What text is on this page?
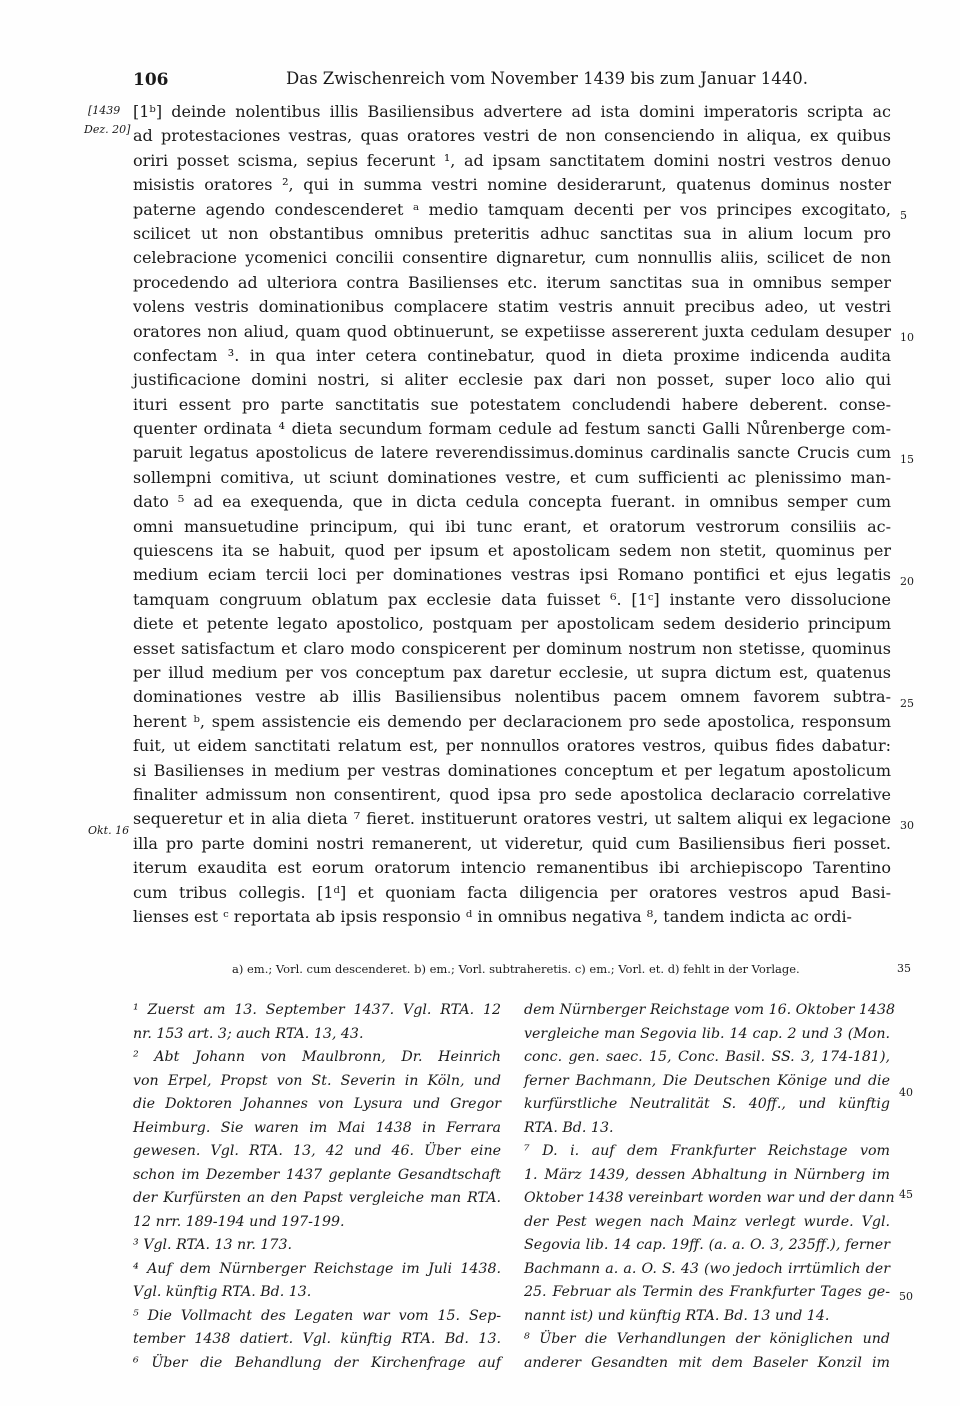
106	Das Zwischenreich vom November 1439 bis zum Januar 1440.
[1439
Dez. 20]
Okt. 16
[1ᵇ] deinde nolentibus illis Basiliensibus advertere ad ista domini imperatoris scripta ac
ad protestaciones vestras, quas oratores vestri de non consenciendo in aliqua, ex quibus
oriri posset scisma, sepius fecerunt ¹, ad ipsam sanctitatem domini nostri vestros denuo
misistis oratores ², qui in summa vestri nomine desiderarunt, quatenus dominus noster
paterne agendo condescenderet ᵃ medio tamquam decenti per vos principes excogitato,
scilicet ut non obstantibus omnibus preteritis adhuc sanctitas sua in alium locum pro
celebracione ycomenici concilii consentire dignaretur, cum nonnullis aliis, scilicet de non
procedendo ad ulteriora contra Basilienses etc. iterum sanctitas sua in omnibus semper
volens vestris dominationibus complacere statim vestris annuit precibus adeo, ut vestri
oratores non aliud, quam quod obtinuerunt, se expetiisse assererent juxta cedulam desuper
confectam ³. in qua inter cetera continebatur, quod in dieta proxime indicenda audita
justificacione domini nostri, si aliter ecclesie pax dari non posset, super loco alio qui
ituri essent pro parte sanctitatis sue potestatem concludendi habere deberent. conse-
quenter ordinata ⁴ dieta secundum formam cedule ad festum sancti Galli Nůrenberge com-
paruit legatus apostolicus de latere reverendissimus.dominus cardinalis sancte Crucis cum
sollempni comitiva, ut sciunt dominationes vestre, et cum sufficienti ac plenissimo man-
dato ⁵ ad ea exequenda, que in dicta cedula concepta fuerant. in omnibus semper cum
omni mansuetudine principum, qui ibi tunc erant, et oratorum vestrorum consiliis ac-
quiescens ita se habuit, quod per ipsum et apostolicam sedem non stetit, quominus per
medium eciam tercii loci per dominationes vestras ipsi Romano pontifici et ejus legatis
tamquam congruum oblatum pax ecclesie data fuisset ⁶. [1ᶜ] instante vero dissolucione
diete et petente legato apostolico, postquam per apostolicam sedem desiderio principum
esset satisfactum et claro modo conspicerent per dominum nostrum non stetisse, quominus
per illud medium per vos conceptum pax daretur ecclesie, ut supra dictum est, quatenus
dominationes vestre ab illis Basiliensibus nolentibus pacem omnem favorem subtra-
herent ᵇ, spem assistencie eis demendo per declaracionem pro sede apostolica, responsum
fuit, ut eidem sanctitati relatum est, per nonnullos oratores vestros, quibus fides dabatur:
si Basilienses in medium per vestras dominationes conceptum et per legatum apostolicum
finaliter admissum non consentirent, quod ipsa pro sede apostolica declaracio correlative
sequeretur et in alia dieta ⁷ fieret. instituerunt oratores vestri, ut saltem aliqui ex legacione
illa pro parte domini nostri remanerent, ut videretur, quid cum Basiliensibus fieri posset.
iterum exaudita est eorum oratorum intencio remanentibus ibi archiepiscopo Tarentino
cum tribus collegis. [1ᵈ] et quoniam facta diligencia per oratores vestros apud Basi-
lienses est ᶜ reportata ab ipsis responsio ᵈ in omnibus negativa ⁸, tandem indicta ac ordi-
5
10
15
20
25
30
a) em.; Vorl. cum descenderet. b) em.; Vorl. subtraheretis. c) em.; Vorl. et. d) fehlt in der Vorlage.	35
¹ Zuerst am 13. September 1437. Vgl. RTA. 12
nr. 153 art. 3; auch RTA. 13, 43.
² Abt Johann von Maulbronn, Dr. Heinrich
von Erpel, Propst von St. Severin in Köln, und
die Doktoren Johannes von Lysura und Gregor
Heimburg. Sie waren im Mai 1438 in Ferrara
gewesen. Vgl. RTA. 13, 42 und 46. Über eine
schon im Dezember 1437 geplante Gesandtschaft
der Kurfürsten an den Papst vergleiche man RTA.
12 nrr. 189-194 und 197-199.
³ Vgl. RTA. 13 nr. 173.
⁴ Auf dem Nürnberger Reichstage im Juli 1438.
Vgl. künftig RTA. Bd. 13.
⁵ Die Vollmacht des Legaten war vom 15. Sep-
tember 1438 datiert. Vgl. künftig RTA. Bd. 13.
⁶ Über die Behandlung der Kirchenfrage auf
dem Nürnberger Reichstage vom 16. Oktober 1438
vergleiche man Segovia lib. 14 cap. 2 und 3 (Mon.
conc. gen. saec. 15, Conc. Basil. SS. 3, 174-181),
ferner Bachmann, Die Deutschen Könige und die
kurfürstliche Neutralität S. 40ff., und künftig
RTA. Bd. 13.
⁷ D. i. auf dem Frankfurter Reichstage vom
1. März 1439, dessen Abhaltung in Nürnberg im
Oktober 1438 vereinbart worden war und der dann
der Pest wegen nach Mainz verlegt wurde. Vgl.
Segovia lib. 14 cap. 19ff. (a. a. O. 3, 235ff.), ferner
Bachmann a. a. O. S. 43 (wo jedoch irrtümlich der
25. Februar als Termin des Frankfurter Tages ge-
nannt ist) und künftig RTA. Bd. 13 und 14.
⁸ Über die Verhandlungen der königlichen und
anderer Gesandten mit dem Baseler Konzil im
40
45
50
